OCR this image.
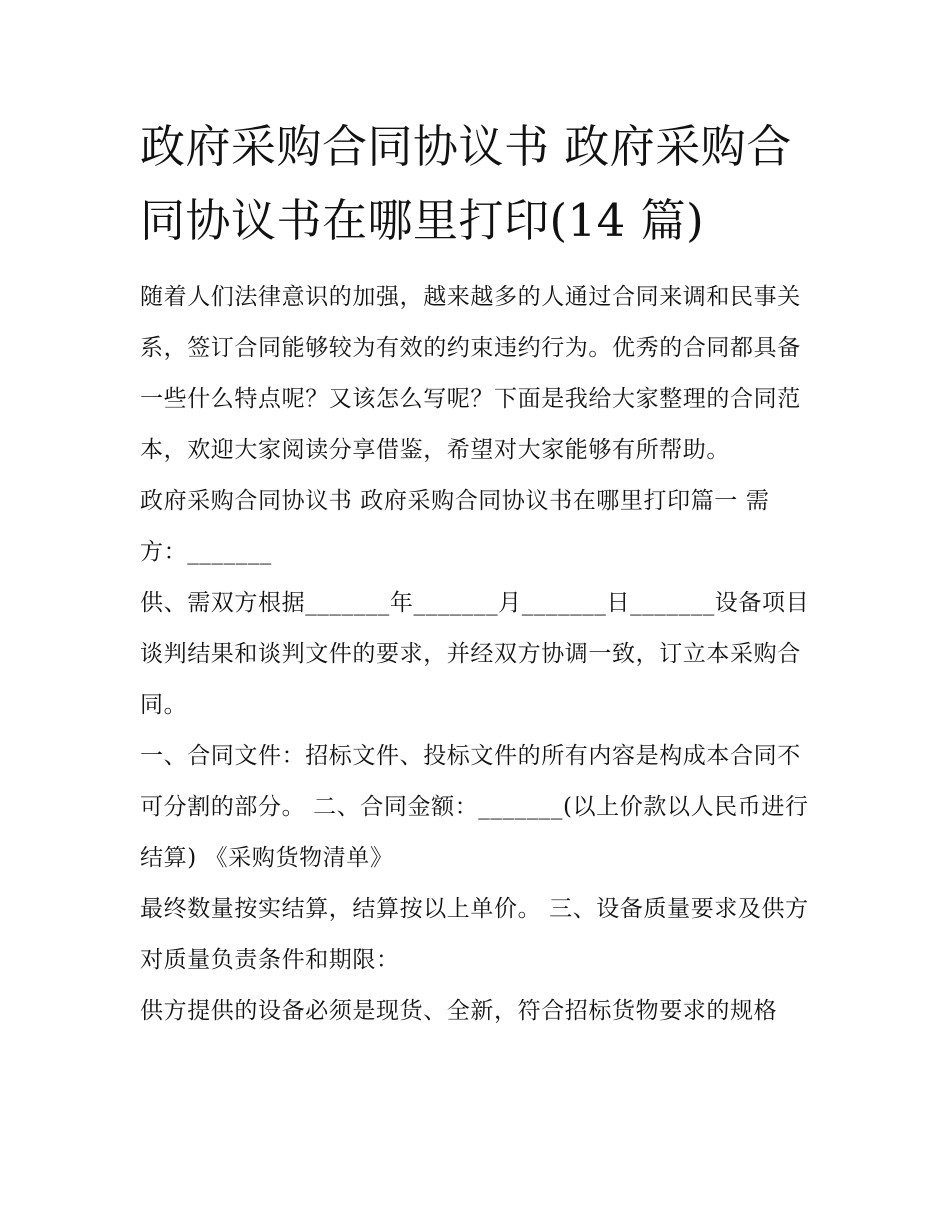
政府采购合同协议书 政府采购合同协议书在哪里打印(14 篇)

随着人们法律意识的加强，越来越多的人通过合同来调和民事关系，签订合同能够较为有效的约束违约行为。优秀的合同都具备一些什么特点呢？又该怎么写呢？下面是我给大家整理的合同范本，欢迎大家阅读分享借鉴，希望对大家能够有所帮助。

政府采购合同协议书 政府采购合同协议书在哪里打印篇一 需方：_______

供、需双方根据_______年_______月_______日_______设备项目谈判结果和谈判文件的要求，并经双方协调一致，订立本采购合同。

一、合同文件：招标文件、投标文件的所有内容是构成本合同不可分割的部分。 二、合同金额：_______(以上价款以人民币进行结算) 《采购货物清单》

最终数量按实结算，结算按以上单价。 三、设备质量要求及供方对质量负责条件和期限：

供方提供的设备必须是现货、全新，符合招标货物要求的规格
